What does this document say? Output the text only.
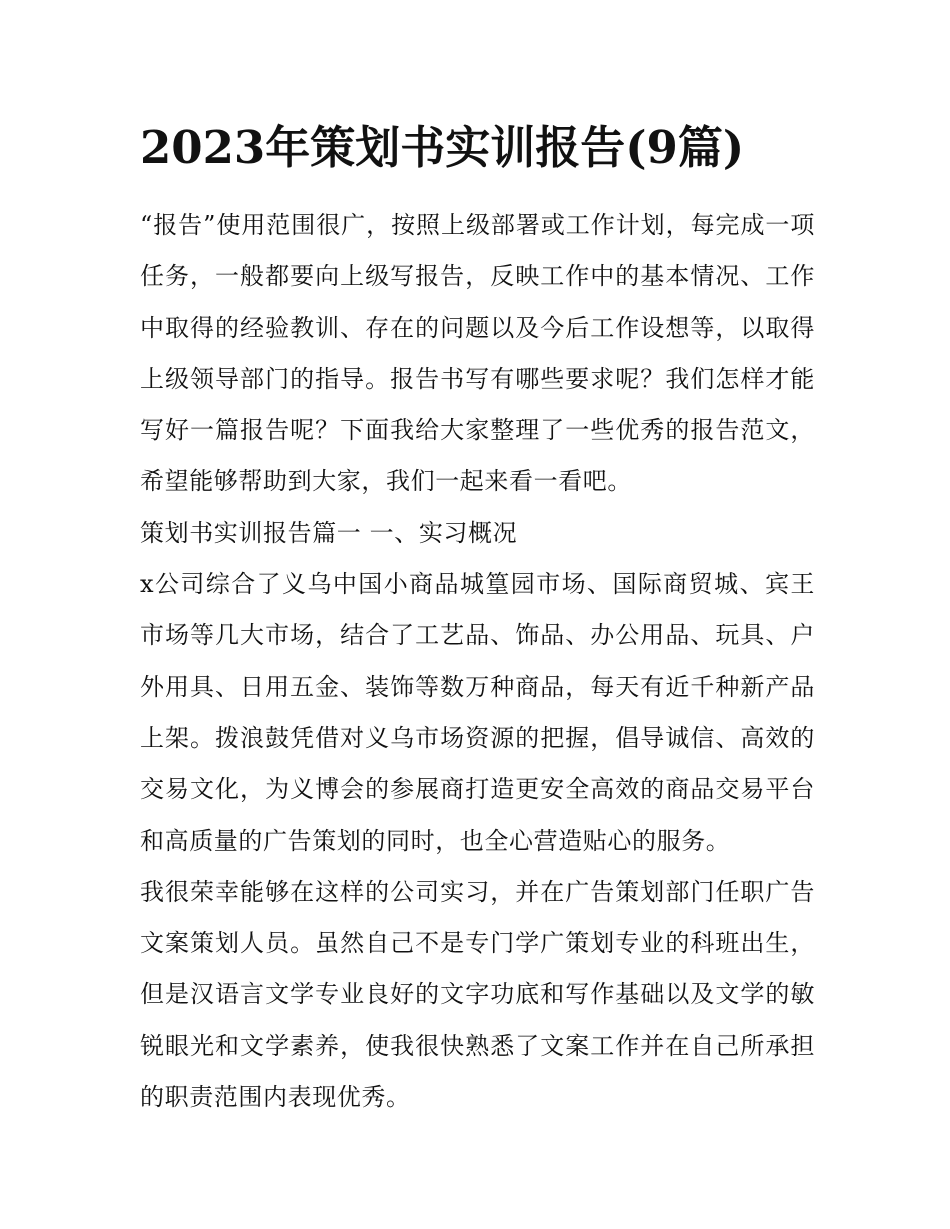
2023年策划书实训报告(9篇)

“报告”使用范围很广，按照上级部署或工作计划，每完成一项任务，一般都要向上级写报告，反映工作中的基本情况、工作中取得的经验教训、存在的问题以及今后工作设想等，以取得上级领导部门的指导。报告书写有哪些要求呢？我们怎样才能写好一篇报告呢？下面我给大家整理了一些优秀的报告范文，希望能够帮助到大家，我们一起来看一看吧。

策划书实训报告篇一 一、实习概况

x公司综合了义乌中国小商品城篁园市场、国际商贸城、宾王市场等几大市场，结合了工艺品、饰品、办公用品、玩具、户外用具、日用五金、装饰等数万种商品，每天有近千种新产品上架。拨浪鼓凭借对义乌市场资源的把握，倡导诚信、高效的交易文化，为义博会的参展商打造更安全高效的商品交易平台和高质量的广告策划的同时，也全心营造贴心的服务。

我很荣幸能够在这样的公司实习，并在广告策划部门任职广告文案策划人员。虽然自己不是专门学广策划专业的科班出生，但是汉语言文学专业良好的文字功底和写作基础以及文学的敏锐眼光和文学素养，使我很快熟悉了文案工作并在自己所承担的职责范围内表现优秀。
